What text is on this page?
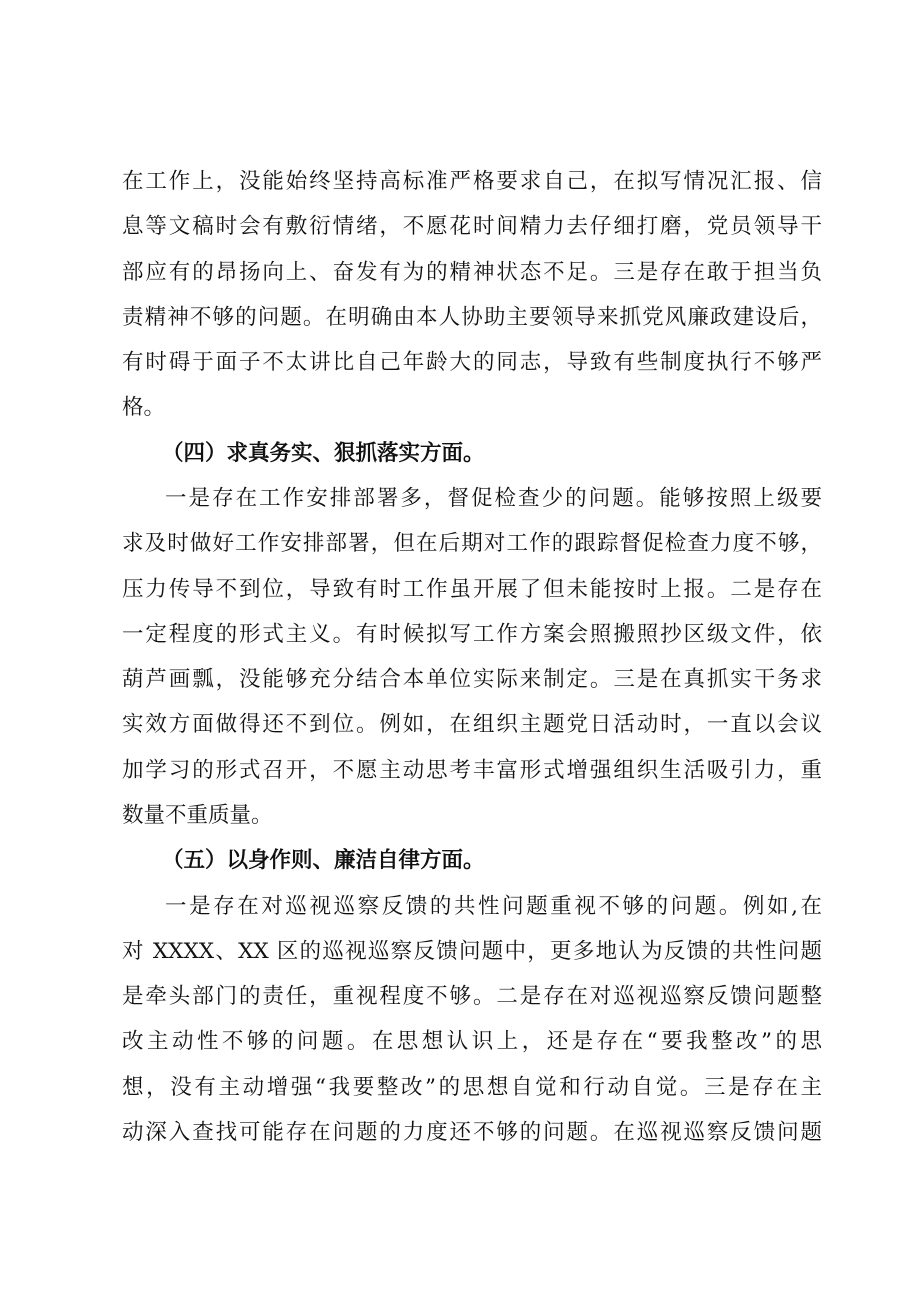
在工作上，没能始终坚持高标准严格要求自己，在拟写情况汇报、信
息等文稿时会有敷衍情绪，不愿花时间精力去仔细打磨，党员领导干
部应有的昂扬向上、奋发有为的精神状态不足。三是存在敢于担当负
责精神不够的问题。在明确由本人协助主要领导来抓党风廉政建设后，
有时碍于面子不太讲比自己年龄大的同志，导致有些制度执行不够严
格。
（四）求真务实、狠抓落实方面。
一是存在工作安排部署多，督促检查少的问题。能够按照上级要
求及时做好工作安排部署，但在后期对工作的跟踪督促检查力度不够，
压力传导不到位，导致有时工作虽开展了但未能按时上报。二是存在
一定程度的形式主义。有时候拟写工作方案会照搬照抄区级文件，依
葫芦画瓢，没能够充分结合本单位实际来制定。三是在真抓实干务求
实效方面做得还不到位。例如，在组织主题党日活动时，一直以会议
加学习的形式召开，不愿主动思考丰富形式增强组织生活吸引力，重
数量不重质量。
（五）以身作则、廉洁自律方面。
一是存在对巡视巡察反馈的共性问题重视不够的问题。例如,在
对 XXXX、XX 区的巡视巡察反馈问题中，更多地认为反馈的共性问题
是牵头部门的责任，重视程度不够。二是存在对巡视巡察反馈问题整
改主动性不够的问题。在思想认识上，还是存在“要我整改”的思
想，没有主动增强“我要整改”的思想自觉和行动自觉。三是存在主
动深入查找可能存在问题的力度还不够的问题。在巡视巡察反馈问题
